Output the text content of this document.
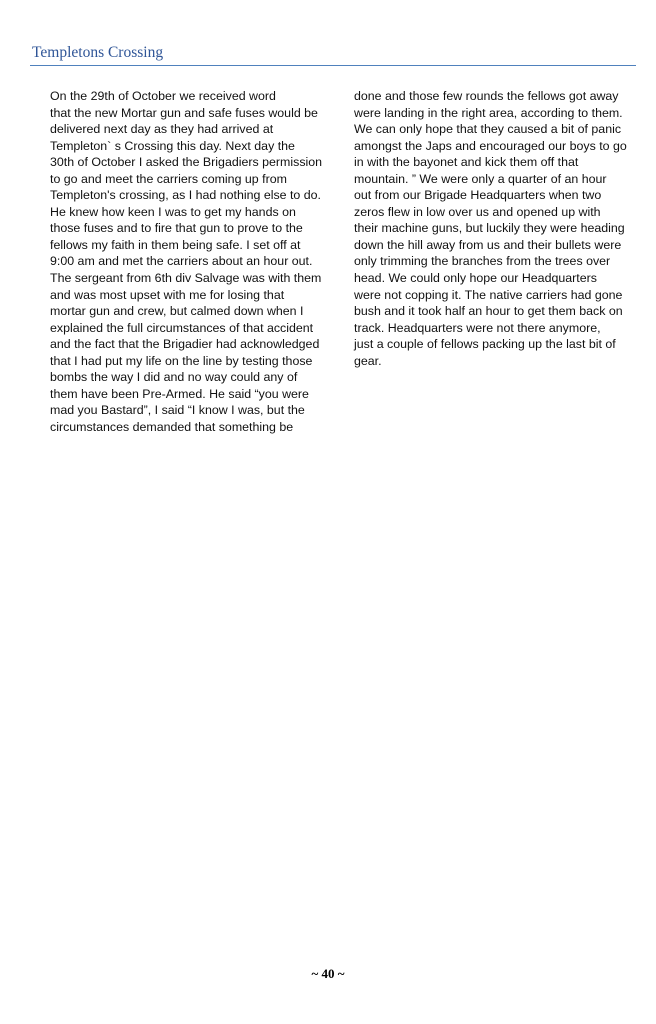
Templetons Crossing

On the 29th of October we received word
that the new Mortar gun and safe fuses would be
delivered next day as they had arrived at
Templeton` s Crossing this day. Next day the
30th of October I asked the Brigadiers permission
to go and meet the carriers coming up from
Templeton's crossing, as I had nothing else to do.
He knew how keen I was to get my hands on
those fuses and to fire that gun to prove to the
fellows my faith in them being safe. I set off at
9:00 am and met the carriers about an hour out.
The sergeant from 6th div Salvage was with them
and was most upset with me for losing that
mortar gun and crew, but calmed down when I
explained the full circumstances of that accident
and the fact that the Brigadier had acknowledged
that I had put my life on the line by testing those
bombs the way I did and no way could any of
them have been Pre-Armed. He said “you were
mad you Bastard”, I said “I know I was, but the
circumstances demanded that something be

done and those few rounds the fellows got away
were landing in the right area, according to them.
We can only hope that they caused a bit of panic
amongst the Japs and encouraged our boys to go
in with the bayonet and kick them off that
mountain. ” We were only a quarter of an hour
out from our Brigade Headquarters when two
zeros flew in low over us and opened up with
their machine guns, but luckily they were heading
down the hill away from us and their bullets were
only trimming the branches from the trees over
head. We could only hope our Headquarters
were not copping it. The native carriers had gone
bush and it took half an hour to get them back on
track. Headquarters were not there anymore,
just a couple of fellows packing up the last bit of
gear.

~ 40 ~
